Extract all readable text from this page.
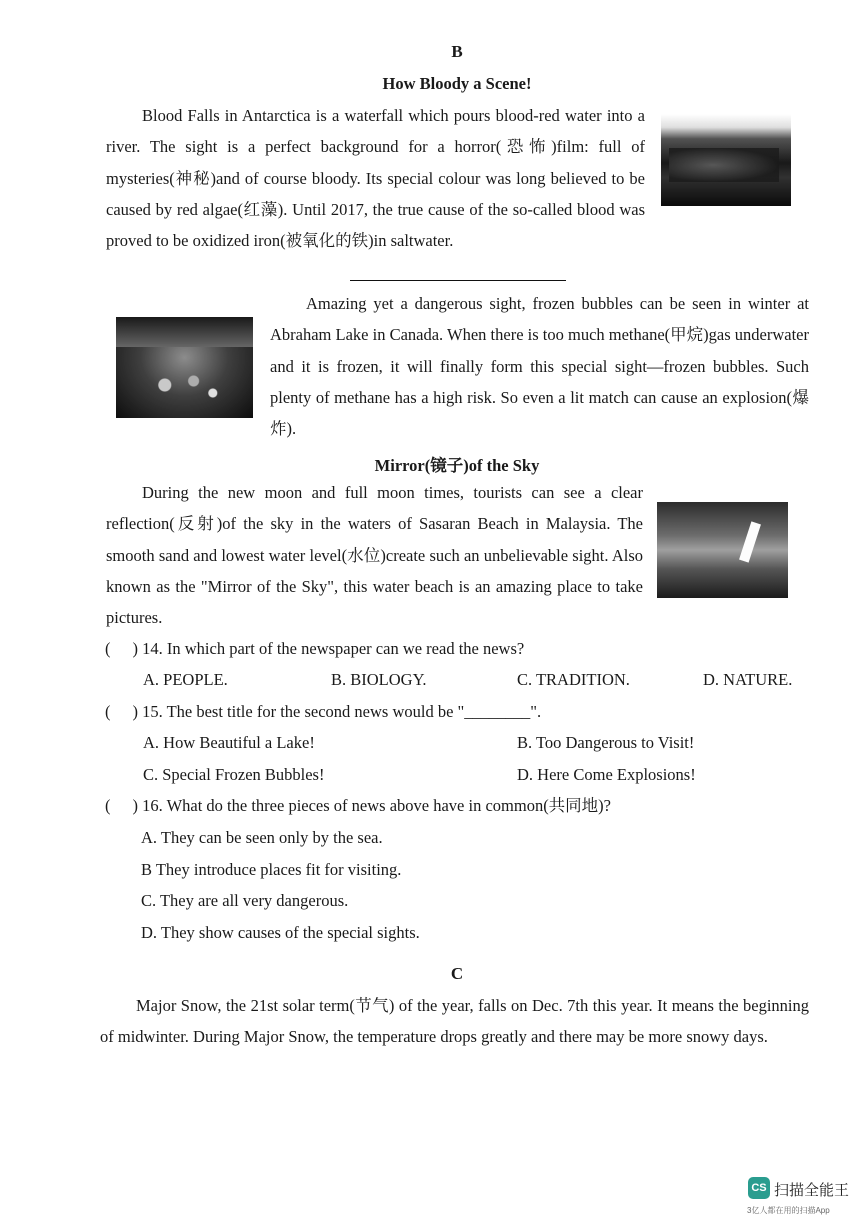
B
How Bloody a Scene!
Blood Falls in Antarctica is a waterfall which pours blood-red water into a river. The sight is a perfect background for a horror(恐怖)film: full of mysteries(神秘)and of course bloody. Its special colour was long believed to be caused by red algae(红藻). Until 2017, the true cause of the so-called blood was proved to be oxidized iron(被氧化的铁)in saltwater.
Amazing yet a dangerous sight, frozen bubbles can be seen in winter at Abraham Lake in Canada. When there is too much methane(甲烷)gas underwater and it is frozen, it will finally form this special sight—frozen bubbles. Such plenty of methane has a high risk. So even a lit match can cause an explosion(爆炸).
Mirror(镜子)of the Sky
During the new moon and full moon times, tourists can see a clear reflection(反射)of the sky in the waters of Sasaran Beach in Malaysia. The smooth sand and lowest water level(水位)create such an unbelievable sight. Also known as the "Mirror of the Sky", this water beach is an amazing place to take pictures.
( ) 14. In which part of the newspaper can we read the news?
A. PEOPLE.	B. BIOLOGY.	C. TRADITION.	D. NATURE.
( ) 15. The best title for the second news would be "________".
A. How Beautiful a Lake!	B. Too Dangerous to Visit!
C. Special Frozen Bubbles!	D. Here Come Explosions!
( ) 16. What do the three pieces of news above have in common(共同地)?
A. They can be seen only by the sea.
B They introduce places fit for visiting.
C. They are all very dangerous.
D. They show causes of the special sights.
C
Major Snow, the 21st solar term(节气) of the year, falls on Dec. 7th this year. It means the beginning of midwinter. During Major Snow, the temperature drops greatly and there may be more snowy days.
CS 扫描全能王
3亿人都在用的扫描App
